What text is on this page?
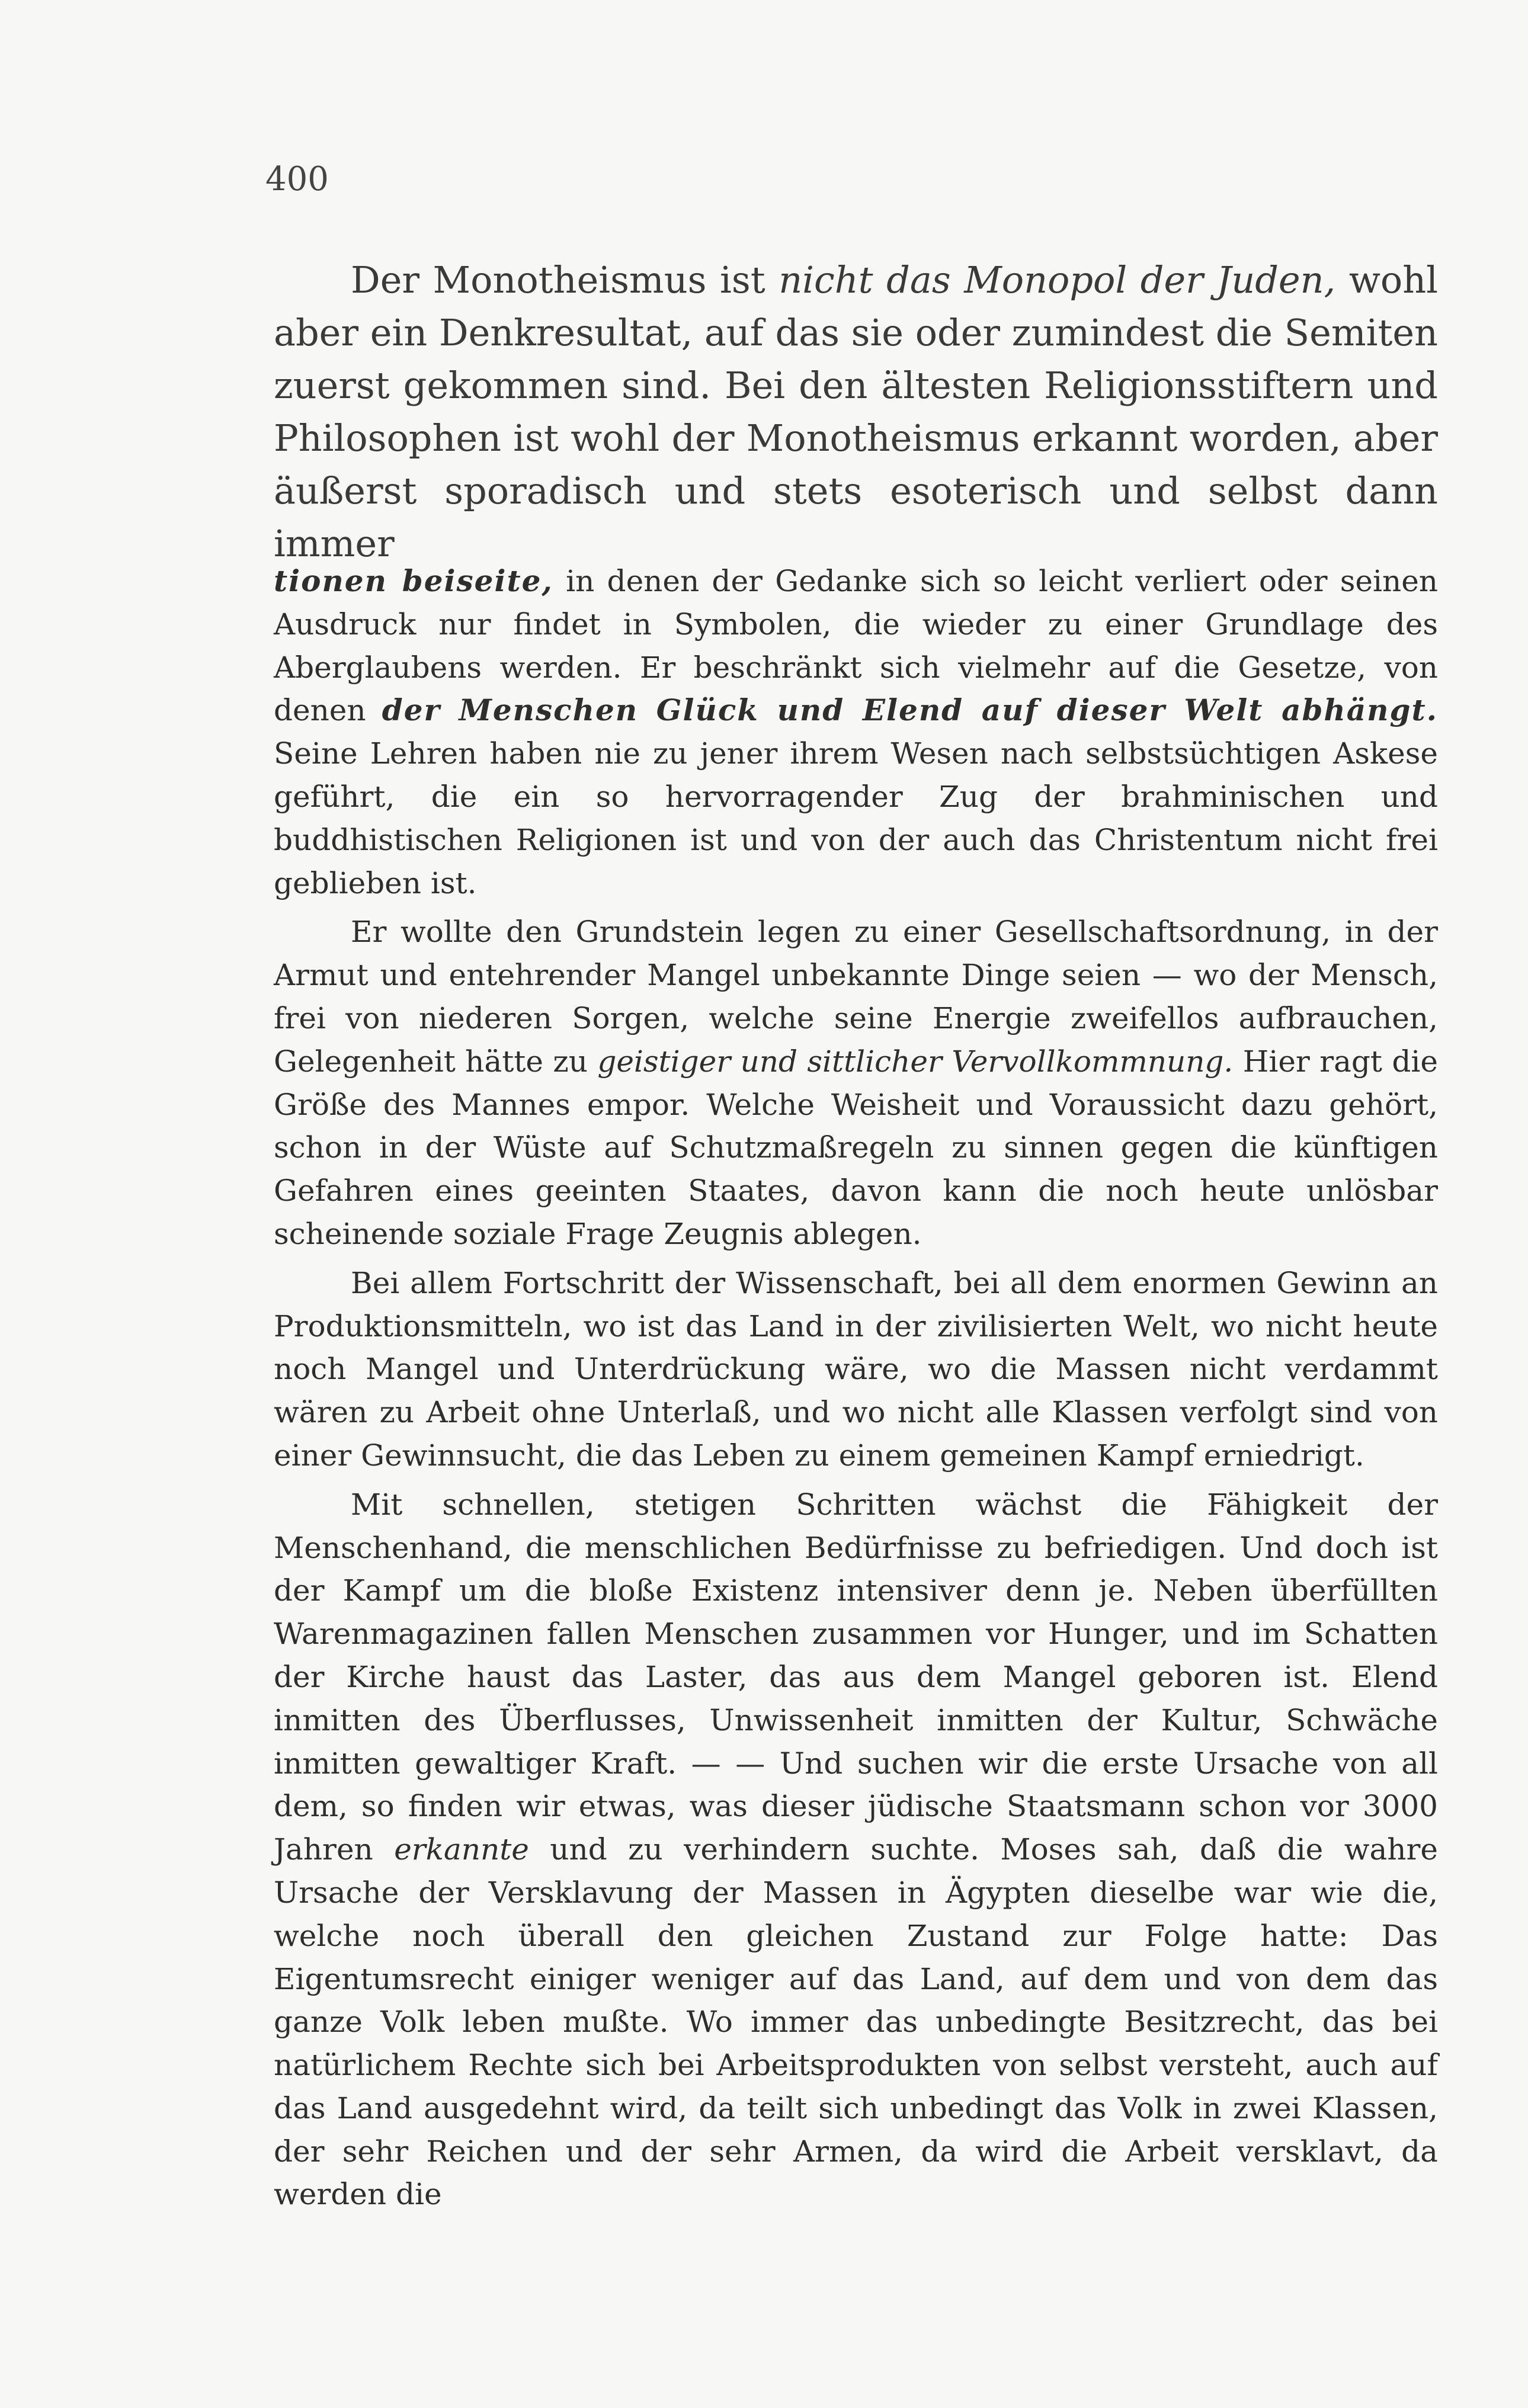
400

Der Monotheismus ist nicht das Monopol der Juden, wohl aber ein Denkresultat, auf das sie oder zumindest die Semiten zuerst gekommen sind. Bei den ältesten Religionsstiftern und Philosophen ist wohl der Monotheismus erkannt worden, aber äußerst sporadisch und stets esoterisch und selbst dann immer

tionen beiseite, in denen der Gedanke sich so leicht verliert oder seinen Ausdruck nur findet in Symbolen, die wieder zu einer Grundlage des Aberglaubens werden. Er beschränkt sich vielmehr auf die Gesetze, von denen der Menschen Glück und Elend auf dieser Welt abhängt. Seine Lehren haben nie zu jener ihrem Wesen nach selbstsüchtigen Askese geführt, die ein so hervorragender Zug der brahminischen und buddhistischen Religionen ist und von der auch das Christentum nicht frei geblieben ist.

Er wollte den Grundstein legen zu einer Gesellschaftsordnung, in der Armut und entehrender Mangel unbekannte Dinge seien — wo der Mensch, frei von niederen Sorgen, welche seine Energie zweifellos aufbrauchen, Gelegenheit hätte zu geistiger und sittlicher Vervollkommnung. Hier ragt die Größe des Mannes empor. Welche Weisheit und Voraussicht dazu gehört, schon in der Wüste auf Schutzmaßregeln zu sinnen gegen die künftigen Gefahren eines geeinten Staates, davon kann die noch heute unlösbar scheinende soziale Frage Zeugnis ablegen.

Bei allem Fortschritt der Wissenschaft, bei all dem enormen Gewinn an Produktionsmitteln, wo ist das Land in der zivilisierten Welt, wo nicht heute noch Mangel und Unterdrückung wäre, wo die Massen nicht verdammt wären zu Arbeit ohne Unterlaß, und wo nicht alle Klassen verfolgt sind von einer Gewinnsucht, die das Leben zu einem gemeinen Kampf erniedrigt.

Mit schnellen, stetigen Schritten wächst die Fähigkeit der Menschenhand, die menschlichen Bedürfnisse zu befriedigen. Und doch ist der Kampf um die bloße Existenz intensiver denn je. Neben überfüllten Warenmagazinen fallen Menschen zusammen vor Hunger, und im Schatten der Kirche haust das Laster, das aus dem Mangel geboren ist. Elend inmitten des Überflusses, Unwissenheit inmitten der Kultur, Schwäche inmitten gewaltiger Kraft. — — Und suchen wir die erste Ursache von all dem, so finden wir etwas, was dieser jüdische Staatsmann schon vor 3000 Jahren erkannte und zu verhindern suchte. Moses sah, daß die wahre Ursache der Versklavung der Massen in Ägypten dieselbe war wie die, welche noch überall den gleichen Zustand zur Folge hatte: Das Eigentumsrecht einiger weniger auf das Land, auf dem und von dem das ganze Volk leben mußte. Wo immer das unbedingte Besitzrecht, das bei natürlichem Rechte sich bei Arbeitsprodukten von selbst versteht, auch auf das Land ausgedehnt wird, da teilt sich unbedingt das Volk in zwei Klassen, der sehr Reichen und der sehr Armen, da wird die Arbeit versklavt, da werden die
